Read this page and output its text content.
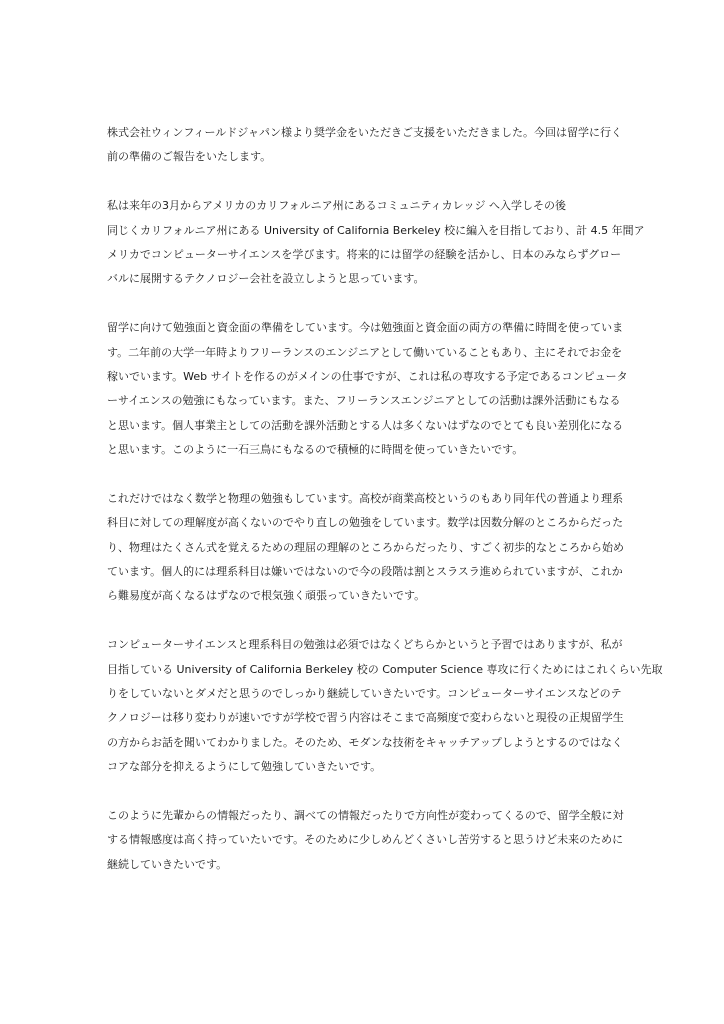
株式会社ウィンフィールドジャパン様より奨学金をいただきご支援をいただきました。今回は留学に行く
前の準備のご報告をいたします。

私は来年の3月からアメリカのカリフォルニア州にあるコミュニティカレッジ へ入学しその後
同じくカリフォルニア州にある University of California Berkeley 校に編入を目指しており、計 4.5 年間ア
メリカでコンピューターサイエンスを学びます。将来的には留学の経験を活かし、日本のみならずグロー
バルに展開するテクノロジー会社を設立しようと思っています。

留学に向けて勉強面と資金面の準備をしています。今は勉強面と資金面の両方の準備に時間を使っていま
す。二年前の大学一年時よりフリーランスのエンジニアとして働いていることもあり、主にそれでお金を
稼いでいます。Web サイトを作るのがメインの仕事ですが、これは私の専攻する予定であるコンピュータ
ーサイエンスの勉強にもなっています。また、フリーランスエンジニアとしての活動は課外活動にもなる
と思います。個人事業主としての活動を課外活動とする人は多くないはずなのでとても良い差別化になる
と思います。このように一石三鳥にもなるので積極的に時間を使っていきたいです。

これだけではなく数学と物理の勉強もしています。高校が商業高校というのもあり同年代の普通より理系
科目に対しての理解度が高くないのでやり直しの勉強をしています。数学は因数分解のところからだった
り、物理はたくさん式を覚えるための理屈の理解のところからだったり、すごく初歩的なところから始め
ています。個人的には理系科目は嫌いではないので今の段階は割とスラスラ進められていますが、これか
ら難易度が高くなるはずなので根気強く頑張っていきたいです。

コンピューターサイエンスと理系科目の勉強は必須ではなくどちらかというと予習ではありますが、私が
目指している University of California Berkeley 校の Computer Science 専攻に行くためにはこれくらい先取
りをしていないとダメだと思うのでしっかり継続していきたいです。コンピューターサイエンスなどのテ
クノロジーは移り変わりが速いですが学校で習う内容はそこまで高頻度で変わらないと現役の正規留学生
の方からお話を聞いてわかりました。そのため、モダンな技術をキャッチアップしようとするのではなく
コアな部分を抑えるようにして勉強していきたいです。

このように先輩からの情報だったり、調べての情報だったりで方向性が変わってくるので、留学全般に対
する情報感度は高く持っていたいです。そのために少しめんどくさいし苦労すると思うけど未来のために
継続していきたいです。
